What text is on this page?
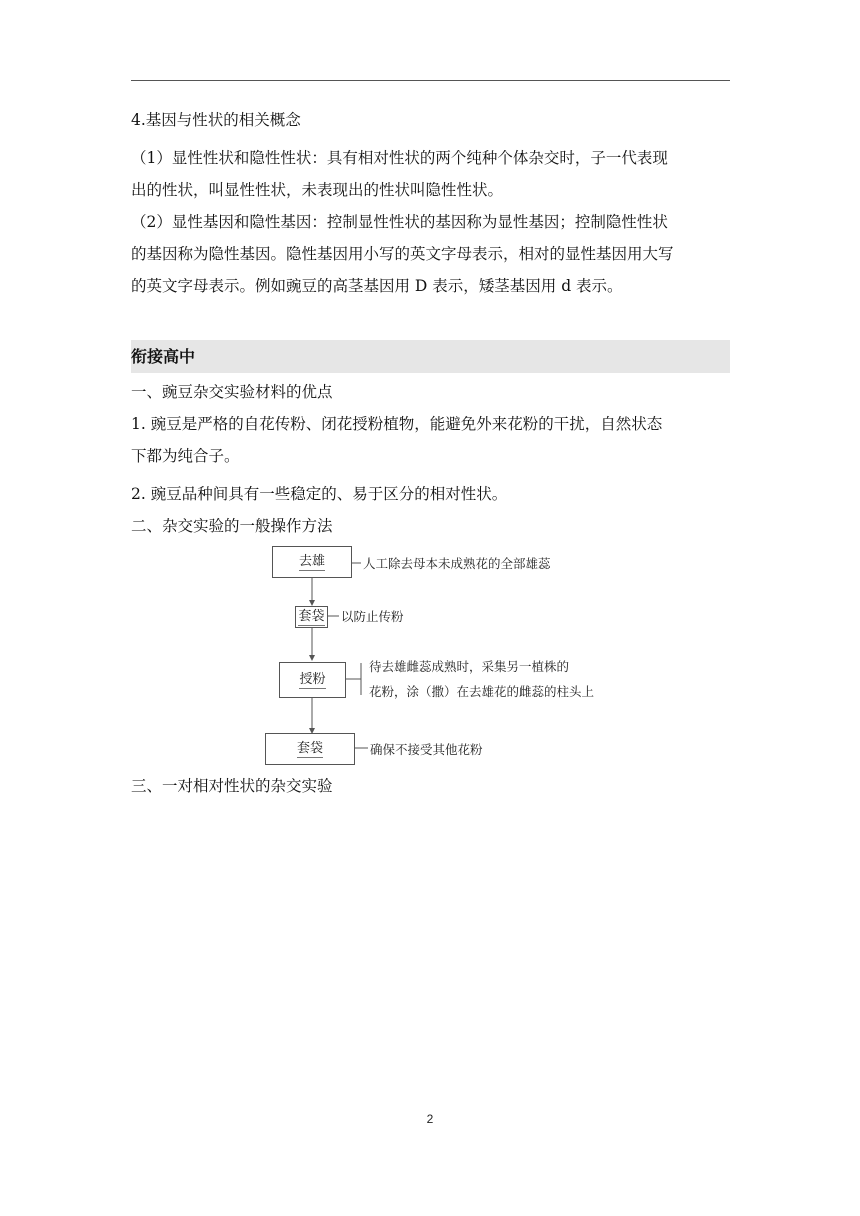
4.基因与性状的相关概念
（1）显性性状和隐性性状：具有相对性状的两个纯种个体杂交时，子一代表现
出的性状，叫显性性状，未表现出的性状叫隐性性状。
（2）显性基因和隐性基因：控制显性性状的基因称为显性基因；控制隐性性状
的基因称为隐性基因。隐性基因用小写的英文字母表示，相对的显性基因用大写
的英文字母表示。例如豌豆的高茎基因用 D 表示，矮茎基因用 d 表示。
衔接高中
一、豌豆杂交实验材料的优点
1. 豌豆是严格的自花传粉、闭花授粉植物，能避免外来花粉的干扰，自然状态
下都为纯合子。
2. 豌豆品种间具有一些稳定的、易于区分的相对性状。
二、杂交实验的一般操作方法
去雄	人工除去母本未成熟花的全部雄蕊
套袋 以防止传粉
授粉
待去雄雌蕊成熟时，采集另一植株的
花粉，涂（撒）在去雄花的雌蕊的柱头上
套袋	确保不接受其他花粉
三、一对相对性状的杂交实验
2
